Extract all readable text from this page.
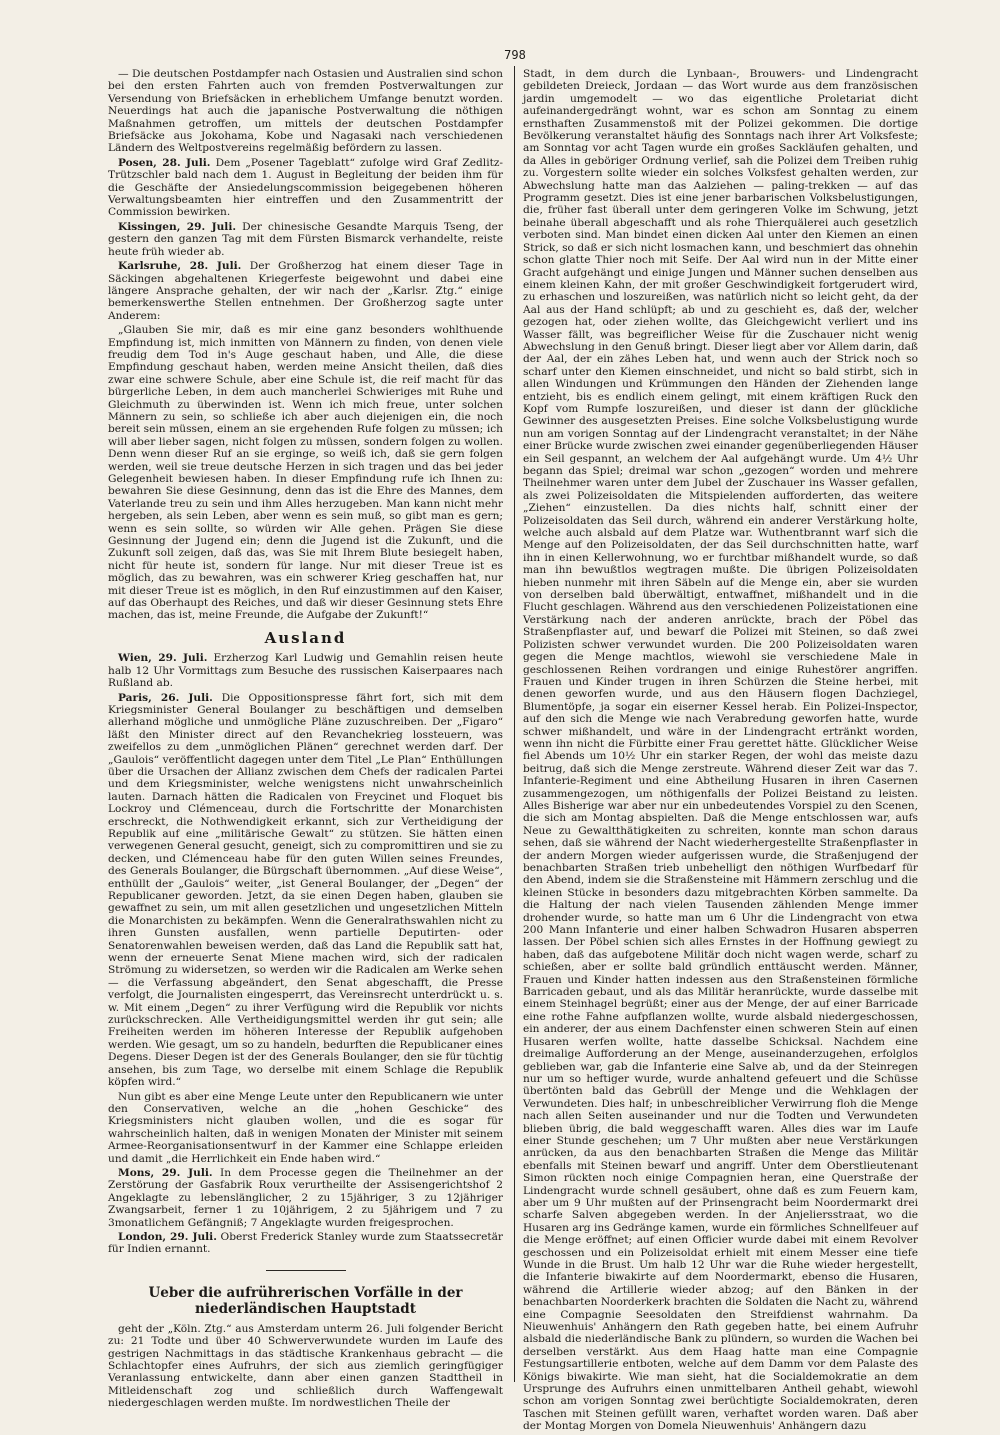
798

— Die deutschen Postdampfer nach Ostasien und Australien sind schon bei den ersten Fahrten auch von fremden Postverwaltungen zur Versendung von Briefsäcken in erheblichem Umfange benutzt worden. Neuerdings hat auch die japanische Postverwaltung die nöthigen Maßnahmen getroffen, um mittels der deutschen Postdampfer Briefsäcke aus Jokohama, Kobe und Nagasaki nach verschiedenen Ländern des Weltpostvereins regelmäßig befördern zu lassen.

Posen, 28. Juli. Dem „Posener Tageblatt“ zufolge wird Graf Zedlitz-Trützschler bald nach dem 1. August in Begleitung der beiden ihm für die Geschäfte der Ansiedelungscommission beigegebenen höheren Verwaltungsbeamten hier eintreffen und den Zusammentritt der Commission bewirken.

Kissingen, 29. Juli. Der chinesische Gesandte Marquis Tseng, der gestern den ganzen Tag mit dem Fürsten Bismarck verhandelte, reiste heute früh wieder ab.

Karlsruhe, 28. Juli. Der Großherzog hat einem dieser Tage in Säckingen abgehaltenen Kriegerfeste beigewohnt und dabei eine längere Ansprache gehalten, der wir nach der „Karlsr. Ztg.“ einige bemerkenswerthe Stellen entnehmen. Der Großherzog sagte unter Anderem:

„Glauben Sie mir, daß es mir eine ganz besonders wohlthuende Empfindung ist, mich inmitten von Männern zu finden, von denen viele freudig dem Tod in's Auge geschaut haben, und Alle, die diese Empfindung geschaut haben, werden meine Ansicht theilen, daß dies zwar eine schwere Schule, aber eine Schule ist, die reif macht für das bürgerliche Leben, in dem auch mancherlei Schwieriges mit Ruhe und Gleichmuth zu überwinden ist. Wenn ich mich freue, unter solchen Männern zu sein, so schließe ich aber auch diejenigen ein, die noch bereit sein müssen, einem an sie ergehenden Rufe folgen zu müssen; ich will aber lieber sagen, nicht folgen zu müssen, sondern folgen zu wollen. Denn wenn dieser Ruf an sie erginge, so weiß ich, daß sie gern folgen werden, weil sie treue deutsche Herzen in sich tragen und das bei jeder Gelegenheit bewiesen haben. In dieser Empfindung rufe ich Ihnen zu: bewahren Sie diese Gesinnung, denn das ist die Ehre des Mannes, dem Vaterlande treu zu sein und ihm Alles herzugeben. Man kann nicht mehr hergeben, als sein Leben, aber wenn es sein muß, so gibt man es gern; wenn es sein sollte, so würden wir Alle gehen. Prägen Sie diese Gesinnung der Jugend ein; denn die Jugend ist die Zukunft, und die Zukunft soll zeigen, daß das, was Sie mit Ihrem Blute besiegelt haben, nicht für heute ist, sondern für lange. Nur mit dieser Treue ist es möglich, das zu bewahren, was ein schwerer Krieg geschaffen hat, nur mit dieser Treue ist es möglich, in den Ruf einzustimmen auf den Kaiser, auf das Oberhaupt des Reiches, und daß wir dieser Gesinnung stets Ehre machen, das ist, meine Freunde, die Aufgabe der Zukunft!“

Ausland

Wien, 29. Juli. Erzherzog Karl Ludwig und Gemahlin reisen heute halb 12 Uhr Vormittags zum Besuche des russischen Kaiserpaares nach Rußland ab.

Paris, 26. Juli. Die Oppositionspresse fährt fort, sich mit dem Kriegsminister General Boulanger zu beschäftigen und demselben allerhand mögliche und unmögliche Pläne zuzuschreiben. Der „Figaro“ läßt den Minister direct auf den Revanchekrieg lossteuern, was zweifellos zu dem „unmöglichen Plänen“ gerechnet werden darf. Der „Gaulois“ veröffentlicht dagegen unter dem Titel „Le Plan“ Enthüllungen über die Ursachen der Allianz zwischen dem Chefs der radicalen Partei und dem Kriegsminister, welche wenigstens nicht unwahrscheinlich lauten. Darnach hätten die Radicalen von Freycinet und Floquet bis Lockroy und Clémenceau, durch die Fortschritte der Monarchisten erschreckt, die Nothwendigkeit erkannt, sich zur Vertheidigung der Republik auf eine „militärische Gewalt“ zu stützen. Sie hätten einen verwegenen General gesucht, geneigt, sich zu compromittiren und sie zu decken, und Clémenceau habe für den guten Willen seines Freundes, des Generals Boulanger, die Bürgschaft übernommen. „Auf diese Weise“, enthüllt der „Gaulois“ weiter, „ist General Boulanger, der „Degen“ der Republicaner geworden. Jetzt, da sie einen Degen haben, glauben sie gewaffnet zu sein, um mit allen gesetzlichen und ungesetzlichen Mitteln die Monarchisten zu bekämpfen. Wenn die Generalrathswahlen nicht zu ihren Gunsten ausfallen, wenn partielle Deputirten- oder Senatorenwahlen beweisen werden, daß das Land die Republik satt hat, wenn der erneuerte Senat Miene machen wird, sich der radicalen Strömung zu widersetzen, so werden wir die Radicalen am Werke sehen — die Verfassung abgeändert, den Senat abgeschafft, die Presse verfolgt, die Journalisten eingesperrt, das Vereinsrecht unterdrückt u. s. w. Mit einem „Degen“ zu ihrer Verfügung wird die Republik vor nichts zurückschrecken. Alle Vertheidigungsmittel werden ihr gut sein; alle Freiheiten werden im höheren Interesse der Republik aufgehoben werden. Wie gesagt, um so zu handeln, bedurften die Republicaner eines Degens. Dieser Degen ist der des Generals Boulanger, den sie für tüchtig ansehen, bis zum Tage, wo derselbe mit einem Schlage die Republik köpfen wird.“

Nun gibt es aber eine Menge Leute unter den Republicanern wie unter den Conservativen, welche an die „hohen Geschicke“ des Kriegsministers nicht glauben wollen, und die es sogar für wahrscheinlich halten, daß in wenigen Monaten der Minister mit seinem Armee-Reorganisationsentwurf in der Kammer eine Schlappe erleiden und damit „die Herrlichkeit ein Ende haben wird.“

Mons, 29. Juli. In dem Processe gegen die Theilnehmer an der Zerstörung der Gasfabrik Roux verurtheilte der Assisengerichtshof 2 Angeklagte zu lebenslänglicher, 2 zu 15jähriger, 3 zu 12jähriger Zwangsarbeit, ferner 1 zu 10jährigem, 2 zu 5jährigem und 7 zu 3monatlichem Gefängniß; 7 Angeklagte wurden freigesprochen.

London, 29. Juli. Oberst Frederick Stanley wurde zum Staatssecretär für Indien ernannt.

Ueber die aufrührerischen Vorfälle in der niederländischen Hauptstadt

geht der „Köln. Ztg.“ aus Amsterdam unterm 26. Juli folgender Bericht zu: 21 Todte und über 40 Schwerverwundete wurden im Laufe des gestrigen Nachmittags in das städtische Krankenhaus gebracht — die Schlachtopfer eines Aufruhrs, der sich aus ziemlich geringfügiger Veranlassung entwickelte, dann aber einen ganzen Stadttheil in Mitleidenschaft zog und schließlich durch Waffengewalt niedergeschlagen werden mußte. Im nordwestlichen Theile der

Stadt, in dem durch die Lynbaan-, Brouwers- und Lindengracht gebildeten Dreieck, Jordaan — das Wort wurde aus dem französischen jardin umgemodelt — wo das eigentliche Proletariat dicht aufeinandergedrängt wohnt, war es schon am Sonntag zu einem ernsthaften Zusammenstoß mit der Polizei gekommen. Die dortige Bevölkerung veranstaltet häufig des Sonntags nach ihrer Art Volksfeste; am Sonntag vor acht Tagen wurde ein großes Sackläufen gehalten, und da Alles in geböriger Ordnung verlief, sah die Polizei dem Treiben ruhig zu. Vorgestern sollte wieder ein solches Volksfest gehalten werden, zur Abwechslung hatte man das Aalziehen — paling-trekken — auf das Programm gesetzt. Dies ist eine jener barbarischen Volksbelustigungen, die, früher fast überall unter dem geringeren Volke im Schwung, jetzt beinahe überall abgeschafft und als rohe Thierquälerei auch gesetzlich verboten sind. Man bindet einen dicken Aal unter den Kiemen an einen Strick, so daß er sich nicht losmachen kann, und beschmiert das ohnehin schon glatte Thier noch mit Seife. Der Aal wird nun in der Mitte einer Gracht aufgehängt und einige Jungen und Männer suchen denselben aus einem kleinen Kahn, der mit großer Geschwindigkeit fortgerudert wird, zu erhaschen und loszureißen, was natürlich nicht so leicht geht, da der Aal aus der Hand schlüpft; ab und zu geschieht es, daß der, welcher gezogen hat, oder ziehen wollte, das Gleichgewicht verliert und ins Wasser fällt, was begreiflicher Weise für die Zuschauer nicht wenig Abwechslung in den Genuß bringt. Dieser liegt aber vor Allem darin, daß der Aal, der ein zähes Leben hat, und wenn auch der Strick noch so scharf unter den Kiemen einschneidet, und nicht so bald stirbt, sich in allen Windungen und Krümmungen den Händen der Ziehenden lange entzieht, bis es endlich einem gelingt, mit einem kräftigen Ruck den Kopf vom Rumpfe loszureißen, und dieser ist dann der glückliche Gewinner des ausgesetzten Preises. Eine solche Volksbelustigung wurde nun am vorigen Sonntag auf der Lindengracht veranstaltet; in der Nähe einer Brücke wurde zwischen zwei einander gegenüberliegenden Häuser ein Seil gespannt, an welchem der Aal aufgehängt wurde. Um 4½ Uhr begann das Spiel; dreimal war schon „gezogen“ worden und mehrere Theilnehmer waren unter dem Jubel der Zuschauer ins Wasser gefallen, als zwei Polizeisoldaten die Mitspielenden aufforderten, das weitere „Ziehen“ einzustellen. Da dies nichts half, schnitt einer der Polizeisoldaten das Seil durch, während ein anderer Verstärkung holte, welche auch alsbald auf dem Platze war. Wuthentbrannt warf sich die Menge auf den Polizeisoldaten, der das Seil durchschnitten hatte, warf ihn in einen Kellerwohnung, wo er furchtbar mißhandelt wurde, so daß man ihn bewußtlos wegtragen mußte. Die übrigen Polizeisoldaten hieben nunmehr mit ihren Säbeln auf die Menge ein, aber sie wurden von derselben bald überwältigt, entwaffnet, mißhandelt und in die Flucht geschlagen. Während aus den verschiedenen Polizeistationen eine Verstärkung nach der anderen anrückte, brach der Pöbel das Straßenpflaster auf, und bewarf die Polizei mit Steinen, so daß zwei Polizisten schwer verwundet wurden. Die 200 Polizeisoldaten waren gegen die Menge machtlos, wiewohl sie verschiedene Male in geschlossenen Reihen vordrangen und einige Ruhestörer angriffen. Frauen und Kinder trugen in ihren Schürzen die Steine herbei, mit denen geworfen wurde, und aus den Häusern flogen Dachziegel, Blumentöpfe, ja sogar ein eiserner Kessel herab. Ein Polizei-Inspector, auf den sich die Menge wie nach Verabredung geworfen hatte, wurde schwer mißhandelt, und wäre in der Lindengracht ertränkt worden, wenn ihn nicht die Fürbitte einer Frau gerettet hätte. Glücklicher Weise fiel Abends um 10½ Uhr ein starker Regen, der wohl das meiste dazu beitrug, daß sich die Menge zerstreute. Während dieser Zeit war das 7. Infanterie-Regiment und eine Abtheilung Husaren in ihren Casernen zusammengezogen, um nöthigenfalls der Polizei Beistand zu leisten. Alles Bisherige war aber nur ein unbedeutendes Vorspiel zu den Scenen, die sich am Montag abspielten. Daß die Menge entschlossen war, aufs Neue zu Gewaltthätigkeiten zu schreiten, konnte man schon daraus sehen, daß sie während der Nacht wiederhergestellte Straßenpflaster in der andern Morgen wieder aufgerissen wurde, die Straßenjugend der benachbarten Straßen trieb unbehelligt den nöthigen Wurfbedarf für den Abend, indem sie die Straßensteine mit Hämmern zerschlug und die kleinen Stücke in besonders dazu mitgebrachten Körben sammelte. Da die Haltung der nach vielen Tausenden zählenden Menge immer drohender wurde, so hatte man um 6 Uhr die Lindengracht von etwa 200 Mann Infanterie und einer halben Schwadron Husaren absperren lassen. Der Pöbel schien sich alles Ernstes in der Hoffnung gewiegt zu haben, daß das aufgebotene Militär doch nicht wagen werde, scharf zu schießen, aber er sollte bald gründlich enttäuscht werden. Männer, Frauen und Kinder hatten indessen aus den Straßensteinen förmliche Barricaden gebaut, und als das Militär heranrückte, wurde dasselbe mit einem Steinhagel begrüßt; einer aus der Menge, der auf einer Barricade eine rothe Fahne aufpflanzen wollte, wurde alsbald niedergeschossen, ein anderer, der aus einem Dachfenster einen schweren Stein auf einen Husaren werfen wollte, hatte dasselbe Schicksal. Nachdem eine dreimalige Aufforderung an der Menge, auseinanderzugehen, erfolglos geblieben war, gab die Infanterie eine Salve ab, und da der Steinregen nur um so heftiger wurde, wurde anhaltend gefeuert und die Schüsse übertönten bald das Gebrüll der Menge und die Wehklagen der Verwundeten. Dies half; in unbeschreiblicher Verwirrung floh die Menge nach allen Seiten auseinander und nur die Todten und Verwundeten blieben übrig, die bald weggeschafft waren. Alles dies war im Laufe einer Stunde geschehen; um 7 Uhr mußten aber neue Verstärkungen anrücken, da aus den benachbarten Straßen die Menge das Militär ebenfalls mit Steinen bewarf und angriff. Unter dem Oberstlieutenant Simon rückten noch einige Compagnien heran, eine Querstraße der Lindengracht wurde schnell gesäubert, ohne daß es zum Feuern kam, aber um 9 Uhr mußten auf der Prinsengracht beim Noordermarkt drei scharfe Salven abgegeben werden. In der Anjeliersstraat, wo die Husaren arg ins Gedränge kamen, wurde ein förmliches Schnellfeuer auf die Menge eröffnet; auf einen Officier wurde dabei mit einem Revolver geschossen und ein Polizeisoldat erhielt mit einem Messer eine tiefe Wunde in die Brust. Um halb 12 Uhr war die Ruhe wieder hergestellt, die Infanterie biwakirte auf dem Noordermarkt, ebenso die Husaren, während die Artillerie wieder abzog; auf den Bänken in der benachbarten Noorderkerk brachten die Soldaten die Nacht zu, während eine Compagnie Seesoldaten den Streifdienst wahrnahm. Da Nieuwenhuis' Anhängern den Rath gegeben hatte, bei einem Aufruhr alsbald die niederländische Bank zu plündern, so wurden die Wachen bei derselben verstärkt. Aus dem Haag hatte man eine Compagnie Festungsartillerie entboten, welche auf dem Damm vor dem Palaste des Königs biwakirte. Wie man sieht, hat die Socialdemokratie an dem Ursprunge des Aufruhrs einen unmittelbaren Antheil gehabt, wiewohl schon am vorigen Sonntag zwei berüchtigte Socialdemokraten, deren Taschen mit Steinen gefüllt waren, verhaftet worden waren. Daß aber der Montag Morgen von Domela Nieuwenhuis' Anhängern dazu
